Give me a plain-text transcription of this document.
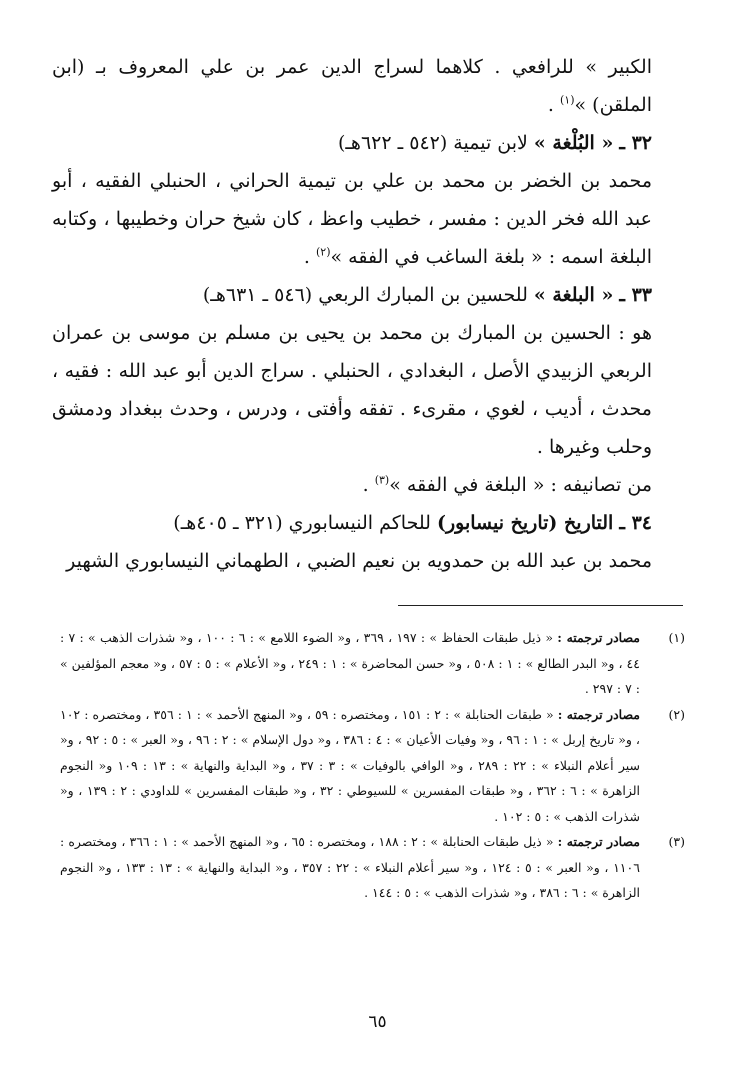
الكبير » للرافعي . كلاهما لسراج الدين عمر بن علي المعروف بـ (ابن الملقن) »$^{(١)}$ .

٣٢ ـ « البُلْغة » لابن تيمية (٥٤٢ ـ ٦٢٢هـ)

محمد بن الخضر بن محمد بن علي بن تيمية الحراني ، الحنبلي الفقيه ، أبو عبد الله فخر الدين : مفسر ، خطيب واعظ ، كان شيخ حران وخطيبها ، وكتابه البلغة اسمه : « بلغة الساغب في الفقه »$^{(٢)}$ .

٣٣ ـ « البلغة » للحسين بن المبارك الربعي (٥٤٦ ـ ٦٣١هـ)

هو : الحسين بن المبارك بن محمد بن يحيى بن مسلم بن موسى بن عمران الربعي الزبيدي الأصل ، البغدادي ، الحنبلي . سراج الدين أبو عبد الله : فقيه ، محدث ، أديب ، لغوي ، مقرىء . تفقه وأفتى ، ودرس ، وحدث ببغداد ودمشق وحلب وغيرها .

من تصانيفه : « البلغة في الفقه »$^{(٣)}$ .

٣٤ ـ التاريخ (تاريخ نيسابور) للحاكم النيسابوري (٣٢١ ـ ٤٠٥هـ)

محمد بن عبد الله بن حمدويه بن نعيم الضبي ، الطهماني النيسابوري الشهير

(١)
مصادر ترجمته : « ذيل طبقات الحفاظ » : ١٩٧ ، ٣٦٩ ، و« الضوء اللامع » : ٦ : ١٠٠ ، و« شذرات الذهب » : ٧ : ٤٤ ، و« البدر الطالع » : ١ : ٥٠٨ ، و« حسن المحاضرة » : ١ : ٢٤٩ ، و« الأعلام » : ٥ : ٥٧ ، و« معجم المؤلفين » : ٧ : ٢٩٧ .
(٢)
مصادر ترجمته : « طبقات الحنابلة » : ٢ : ١٥١ ، ومختصره : ٥٩ ، و« المنهج الأحمد » : ١ : ٣٥٦ ، ومختصره : ١٠٢ ، و« تاريخ إربل » : ١ : ٩٦ ، و« وفيات الأعيان » : ٤ : ٣٨٦ ، و« دول الإسلام » : ٢ : ٩٦ ، و« العبر » : ٥ : ٩٢ ، و« سير أعلام النبلاء » : ٢٢ : ٢٨٩ ، و« الوافي بالوفيات » : ٣ : ٣٧ ، و« البداية والنهاية » : ١٣ : ١٠٩ و« النجوم الزاهرة » : ٦ : ٣٦٢ ، و« طبقات المفسرين » للسيوطي : ٣٢ ، و« طبقات المفسرين » للداودي : ٢ : ١٣٩ ، و« شذرات الذهب » : ٥ : ١٠٢ .
(٣)
مصادر ترجمته : « ذيل طبقات الحنابلة » : ٢ : ١٨٨ ، ومختصره : ٦٥ ، و« المنهج الأحمد » : ١ : ٣٦٦ ، ومختصره : ١١٠٦ ، و« العبر » : ٥ : ١٢٤ ، و« سير أعلام النبلاء » : ٢٢ : ٣٥٧ ، و« البداية والنهاية » : ١٣ : ١٣٣ ، و« النجوم الزاهرة » : ٦ : ٣٨٦ ، و« شذرات الذهب » : ٥ : ١٤٤ .
٦٥
